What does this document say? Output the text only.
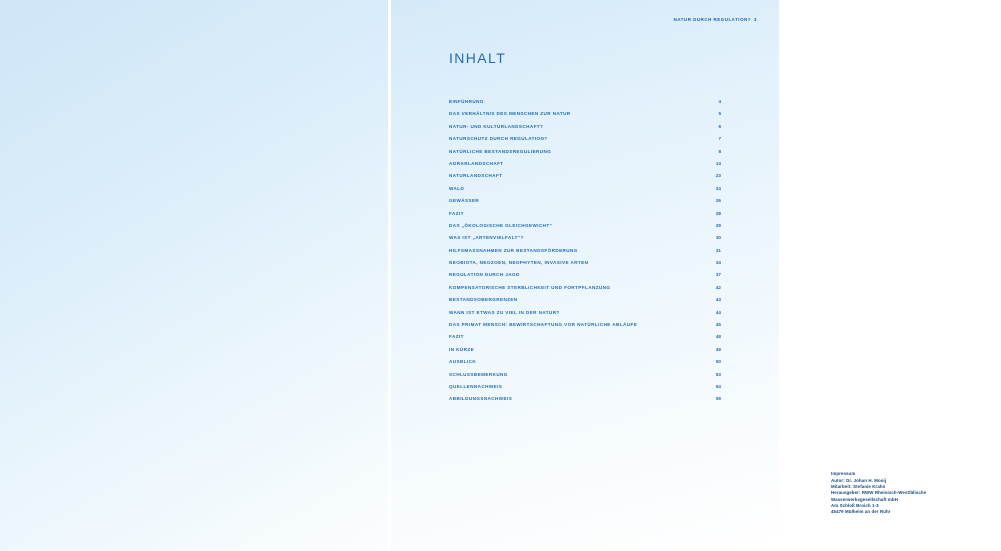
NATUR DURCH REGULATION? 3
INHALT
EINFÜHRUNG	4
DAS VERHÄLTNIS DES MENSCHEN ZUR NATUR	5
NATUR- UND KULTURLANDSCHAFT?	6
NATURSCHUTZ DURCH REGULATION?	7
NATÜRLICHE BESTANDSREGULIERUNG	8
AGRARLANDSCHAFT	14
NATURLANDSCHAFT	23
WALD	24
GEWÄSSER	26
FAZIT	28
DAS „ÖKOLOGISCHE GLEICHGEWICHT“	29
WAS IST „ARTENVIELFALT“?	30
HILFSMASSNAHMEN ZUR BESTANDSFÖRDERUNG	31
NEOBIOTA, NEOZOEN, NEOPHYTEN, INVASIVE ARTEN	34
REGULATION DURCH JAGD	37
KOMPENSATORISCHE STERBLICHKEIT UND FORTPFLANZUNG	42
BESTANDSOBERGRENZEN	43
WANN IST ETWAS ZU VIEL IN DER NATUR?	44
DAS PRIMAT MENSCH: BEWIRTSCHAFTUNG VOR NATÜRLICHE ABLÄUFE	45
FAZIT	48
IN KÜRZE	49
AUSBLICK	50
SCHLUSSBEMERKUNG	53
QUELLENNACHWEIS	54
ABBILDUNGSNACHWEIS	59
Impressum
Autor: Dr. Johan H. Mooij
Mitarbeit: Stefanie Krahn
Herausgeber: RWW Rheinisch-Westfälische
Wasserwerksgesellschaft mbH
Am Schloß Broich 1-3
45479 Mülheim an der Ruhr
